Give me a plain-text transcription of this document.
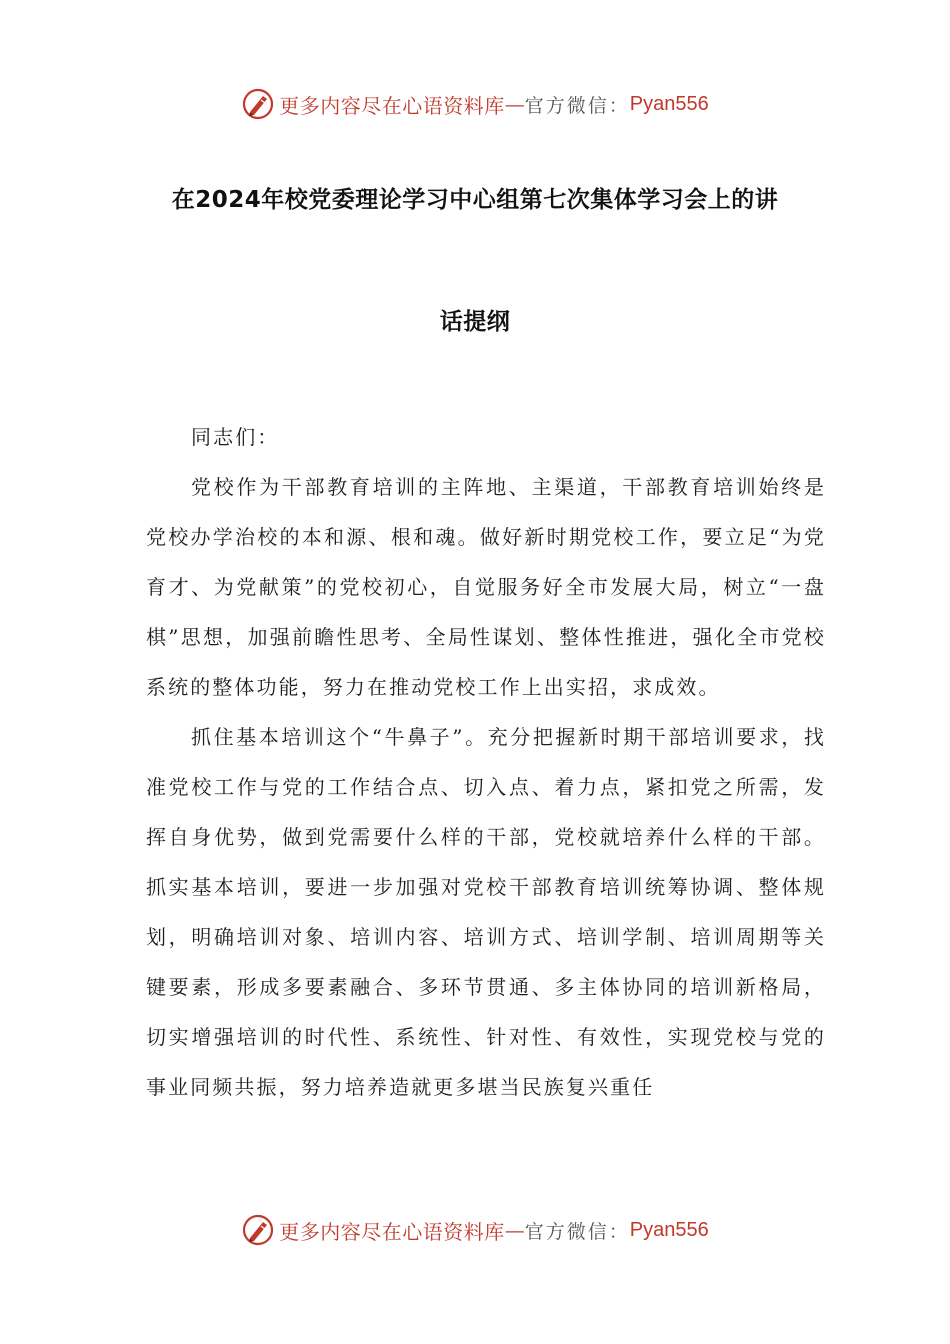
更多内容尽在心语资料库 — 官方微信： Pyan556
在2024年校党委理论学习中心组第七次集体学习会上的讲
话提纲

同志们：

党校作为干部教育培训的主阵地、主渠道，干部教育培训始终是党校办学治校的本和源、根和魂。做好新时期党校工作，要立足“为党育才、为党献策”的党校初心，自觉服务好全市发展大局，树立“一盘棋”思想，加强前瞻性思考、全局性谋划、整体性推进，强化全市党校系统的整体功能，努力在推动党校工作上出实招，求成效。

抓住基本培训这个“牛鼻子”。充分把握新时期干部培训要求，找准党校工作与党的工作结合点、切入点、着力点，紧扣党之所需，发挥自身优势，做到党需要什么样的干部，党校就培养什么样的干部。抓实基本培训，要进一步加强对党校干部教育培训统筹协调、整体规划，明确培训对象、培训内容、培训方式、培训学制、培训周期等关键要素，形成多要素融合、多环节贯通、多主体协同的培训新格局，切实增强培训的时代性、系统性、针对性、有效性，实现党校与党的事业同频共振，努力培养造就更多堪当民族复兴重任

更多内容尽在心语资料库 — 官方微信： Pyan556
